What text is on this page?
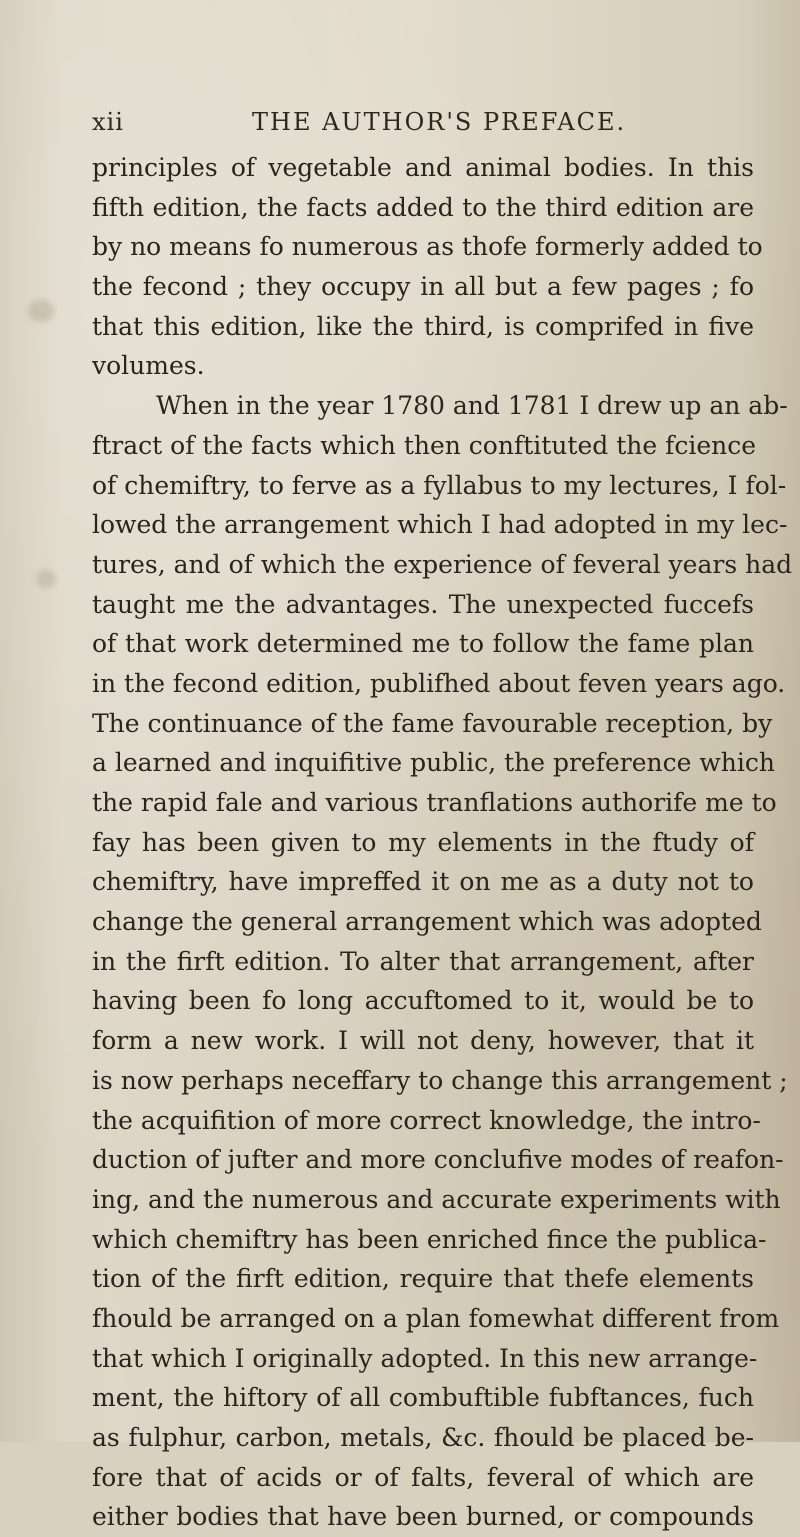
xii	THE AUTHOR'S PREFACE.
principles of vegetable and animal bodies. In this
fifth edition, the facts added to the third edition are
by no means fo numerous as thofe formerly added to
the fecond ; they occupy in all but a few pages ; fo
that this edition, like the third, is comprifed in five
volumes.
When in the year 1780 and 1781 I drew up an ab-
ftract of the facts which then conftituted the fcience
of chemiftry, to ferve as a fyllabus to my lectures, I fol-
lowed the arrangement which I had adopted in my lec-
tures, and of which the experience of feveral years had
taught me the advantages. The unexpected fuccefs
of that work determined me to follow the fame plan
in the fecond edition, publifhed about feven years ago.
The continuance of the fame favourable reception, by
a learned and inquifitive public, the preference which
the rapid fale and various tranflations authorife me to
fay has been given to my elements in the ftudy of
chemiftry, have impreffed it on me as a duty not to
change the general arrangement which was adopted
in the firft edition. To alter that arrangement, after
having been fo long accuftomed to it, would be to
form a new work. I will not deny, however, that it
is now perhaps neceffary to change this arrangement ;
the acquifition of more correct knowledge, the intro-
duction of jufter and more conclufive modes of reafon-
ing, and the numerous and accurate experiments with
which chemiftry has been enriched fince the publica-
tion of the firft edition, require that thefe elements
fhould be arranged on a plan fomewhat different from
that which I originally adopted. In this new arrange-
ment, the hiftory of all combuftible fubftances, fuch
as fulphur, carbon, metals, &c. fhould be placed be-
fore that of acids or of falts, feveral of which are
either bodies that have been burned, or compounds
